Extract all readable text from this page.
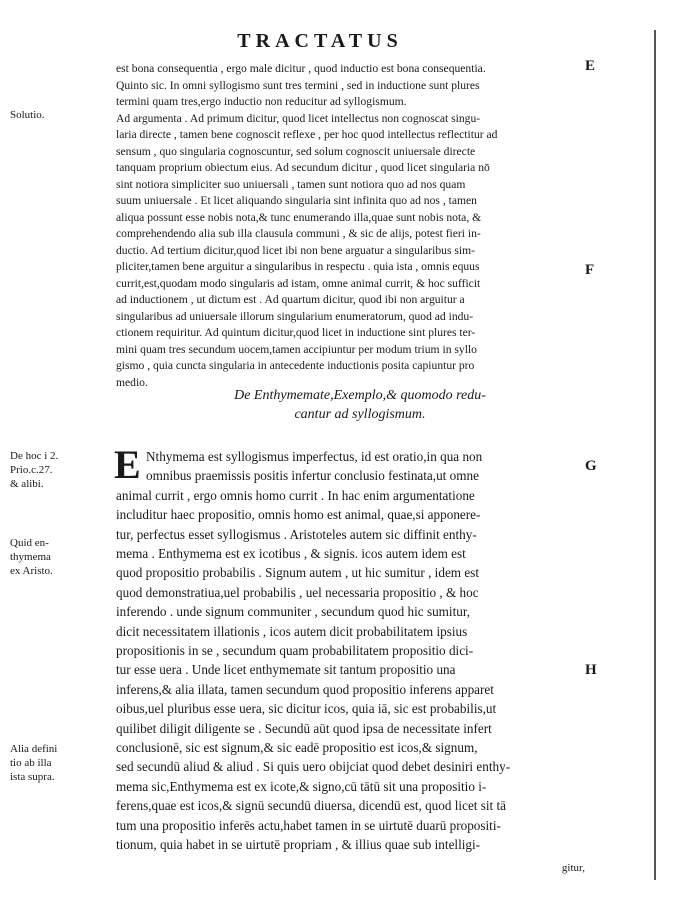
TRACTATUS
est bona consequentia , ergo male dicitur , quod inductio est bona consequentia.
Quinto sic. In omni syllogismo sunt tres termini , sed in inductione sunt plures
termini quam tres,ergo inductio non reducitur ad syllogismum.
Ad argumenta . Ad primum dicitur, quod licet intellectus non cognoscat singu-
laria directe , tamen bene cognoscit reflexe , per hoc quod intellectus reflectitur ad
sensum , quo singularia cognoscuntur, sed solum cognoscit uniuersale directe
tanquam proprium obiectum eius. Ad secundum dicitur , quod licet singularia nō
sint notiora simpliciter suo uniuersali , tamen sunt notiora quo ad nos quam
suum uniuersale . Et licet aliquando singularia sint infinita quo ad nos , tamen
aliqua possunt esse nobis nota,& tunc enumerando illa,quae sunt nobis nota, &
comprehendendo alia sub illa clausula communi , & sic de alijs, potest fieri in-
ductio. Ad tertium dicitur,quod licet ibi non bene arguatur a singularibus sim-
pliciter,tamen bene arguitur a singularibus in respectu . quia ista , omnis equus
currit,est,quodam modo singularis ad istam, omne animal currit, & hoc sufficit
ad inductionem , ut dictum est . Ad quartum dicitur, quod ibi non arguitur a
singularibus ad uniuersale illorum singularium enumeratorum, quod ad indu-
ctionem requiritur. Ad quintum dicitur,quod licet in inductione sint plures ter-
mini quam tres secundum uocem,tamen accipiuntur per modum trium in syllo
gismo , quia cuncta singularia in antecedente inductionis posita capiuntur pro
medio.
Solutio.
E
F
G
H
De Enthymemate,Exemplo,& quomodo redu-
cantur ad syllogismum.
E Nthymema est syllogismus imperfectus, id est oratio,in qua non
omnibus praemissis positis infertur conclusio festinata,ut omne
animal currit , ergo omnis homo currit . In hac enim argumentatione
includitur haec propositio, omnis homo est animal, quae,si apponere-
tur, perfectus esset syllogismus . Aristoteles autem sic diffinit enthy-
mema . Enthymema est ex icotibus , & signis. icos autem idem est
quod propositio probabilis . Signum autem , ut hic sumitur , idem est
quod demonstratiua,uel probabilis , uel necessaria propositio , & hoc
inferendo . unde signum communiter , secundum quod hic sumitur,
dicit necessitatem illationis , icos autem dicit probabilitatem ipsius
propositionis in se , secundum quam probabilitatem propositio dici-
tur esse uera . Unde licet enthymemate sit tantum propositio una
inferens,& alia illata, tamen secundum quod propositio inferens apparet
oibus,uel pluribus esse uera, sic dicitur icos, quia iā, sic est probabilis,ut
quilibet diligit diligente se . Secundū aūt quod ipsa de necessitate infert
conclusionē, sic est signum,& sic eadē propositio est icos,& signum,
sed secundū aliud & aliud . Si quis uero obijciat quod debet desiniri enthy-
mema sic,Enthymema est ex icote,& signo,cū tātū sit una propositio i-
ferens,quae est icos,& signū secundū diuersa, dicendū est, quod licet sit tā
tum una propositio inferēs actu,habet tamen in se uirtutē duarū propositi-
tionum, quia habet in se uirtutē propriam , & illius quae sub intelligi-
De hoc i 2.
Prio.c.27.
& alibi.
Quid en-
thymema
ex Aristo.
Alia defini
tio ab illa
ista supra.
gitur,
